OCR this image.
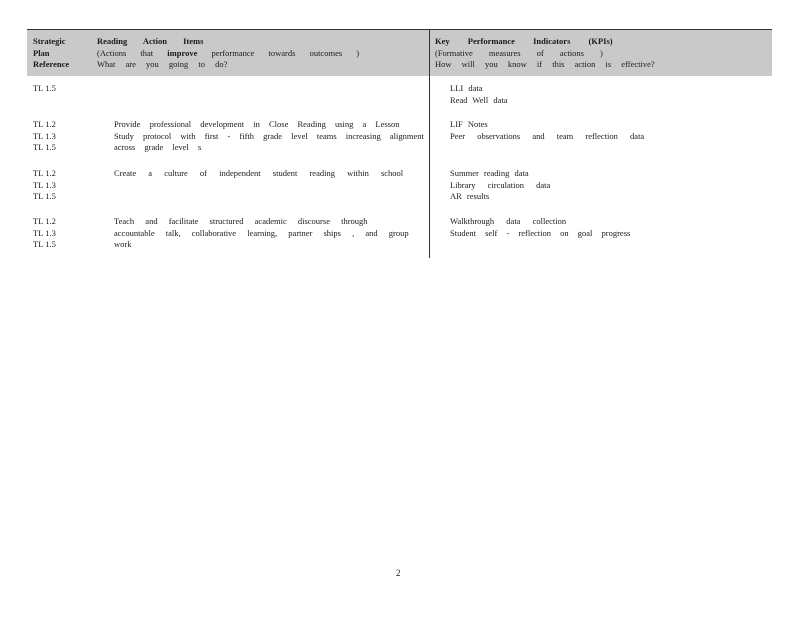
Strategic
Plan
Reference
Reading Action Items
(Actions that improve performance towards outcomes )
What are you going to do?
Key Performance Indicators (KPIs)
(Formative measures of actions )
How will you know if this action is effective?
TL 1.5	LLI data
Read Well data
TL 1.2
TL 1.3
TL 1.5
Provide professional development in Close Reading using a Lesson
Study protocol with first - fifth grade level teams increasing alignment
across grade level s
LIF Notes
Peer observations and team reflection data
TL 1.2
TL 1.3
TL 1.5
Create a culture of independent student reading within school	Summer reading data
Library circulation data
AR results
TL 1.2
TL 1.3
TL 1.5
Teach and facilitate structured academic discourse through
accountable talk, collaborative learning, partner ships , and group
work
Walkthrough data collection
Student self - reflection on goal progress
2
